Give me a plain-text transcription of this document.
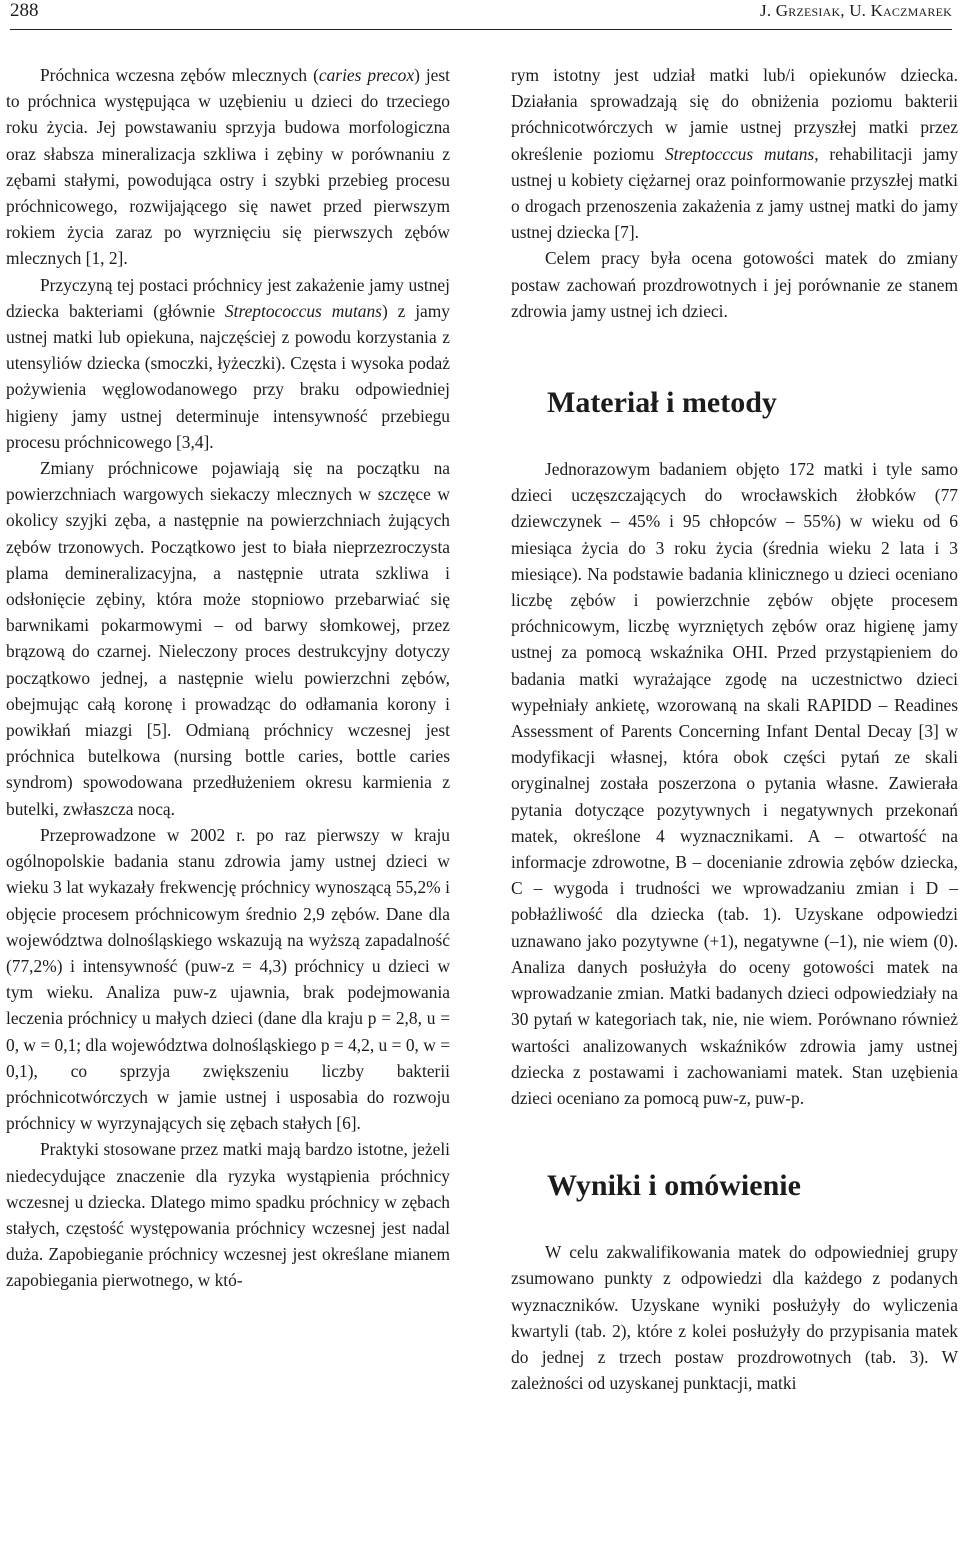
288	J. Grzesiak, U. Kaczmarek

Próchnica wczesna zębów mlecznych (caries precox) jest to próchnica występująca w uzębieniu u dzieci do trzeciego roku życia. Jej powstawaniu sprzyja budowa morfologiczna oraz słabsza mineralizacja szkliwa i zębiny w porównaniu z zębami stałymi, powodująca ostry i szybki przebieg procesu próchnicowego, rozwijającego się nawet przed pierwszym rokiem życia zaraz po wyrznięciu się pierwszych zębów mlecznych [1, 2].

Przyczyną tej postaci próchnicy jest zakażenie jamy ustnej dziecka bakteriami (głównie Streptococcus mutans) z jamy ustnej matki lub opiekuna, najczęściej z powodu korzystania z utensyliów dziecka (smoczki, łyżeczki). Częsta i wysoka podaż pożywienia węglowodanowego przy braku odpowiedniej higieny jamy ustnej determinuje intensywność przebiegu procesu próchnicowego [3,4].

Zmiany próchnicowe pojawiają się na początku na powierzchniach wargowych siekaczy mlecznych w szczęce w okolicy szyjki zęba, a następnie na powierzchniach żujących zębów trzonowych. Początkowo jest to biała nieprzezroczysta plama demineralizacyjna, a następnie utrata szkliwa i odsłonięcie zębiny, która może stopniowo przebarwiać się barwnikami pokarmowymi – od barwy słomkowej, przez brązową do czarnej. Nieleczony proces destrukcyjny dotyczy początkowo jednej, a następnie wielu powierzchni zębów, obejmując całą koronę i prowadząc do odłamania korony i powikłań miazgi [5]. Odmianą próchnicy wczesnej jest próchnica butelkowa (nursing bottle caries, bottle caries syndrom) spowodowana przedłużeniem okresu karmienia z butelki, zwłaszcza nocą.

Przeprowadzone w 2002 r. po raz pierwszy w kraju ogólnopolskie badania stanu zdrowia jamy ustnej dzieci w wieku 3 lat wykazały frekwencję próchnicy wynoszącą 55,2% i objęcie procesem próchnicowym średnio 2,9 zębów. Dane dla województwa dolnośląskiego wskazują na wyższą zapadalność (77,2%) i intensywność (puw-z = 4,3) próchnicy u dzieci w tym wieku. Analiza puw-z ujawnia, brak podejmowania leczenia próchnicy u małych dzieci (dane dla kraju p = 2,8, u = 0, w = 0,1; dla województwa dolnośląskiego p = 4,2, u = 0, w = 0,1), co sprzyja zwiększeniu liczby bakterii próchnicotwórczych w jamie ustnej i usposabia do rozwoju próchnicy w wyrzynających się zębach stałych [6].

Praktyki stosowane przez matki mają bardzo istotne, jeżeli niedecydujące znaczenie dla ryzyka wystąpienia próchnicy wczesnej u dziecka. Dlatego mimo spadku próchnicy w zębach stałych, częstość występowania próchnicy wczesnej jest nadal duża. Zapobieganie próchnicy wczesnej jest określane mianem zapobiegania pierwotnego, w któ-

rym istotny jest udział matki lub/i opiekunów dziecka. Działania sprowadzają się do obniżenia poziomu bakterii próchnicotwórczych w jamie ustnej przyszłej matki przez określenie poziomu Streptocccus mutans, rehabilitacji jamy ustnej u kobiety ciężarnej oraz poinformowanie przyszłej matki o drogach przenoszenia zakażenia z jamy ustnej matki do jamy ustnej dziecka [7].

Celem pracy była ocena gotowości matek do zmiany postaw zachowań prozdrowotnych i jej porównanie ze stanem zdrowia jamy ustnej ich dzieci.

Materiał i metody

Jednorazowym badaniem objęto 172 matki i tyle samo dzieci uczęszczających do wrocławskich żłobków (77 dziewczynek – 45% i 95 chłopców – 55%) w wieku od 6 miesiąca życia do 3 roku życia (średnia wieku 2 lata i 3 miesiące). Na podstawie badania klinicznego u dzieci oceniano liczbę zębów i powierzchnie zębów objęte procesem próchnicowym, liczbę wyrzniętych zębów oraz higienę jamy ustnej za pomocą wskaźnika OHI. Przed przystąpieniem do badania matki wyrażające zgodę na uczestnictwo dzieci wypełniały ankietę, wzorowaną na skali RAPIDD – Readines Assessment of Parents Concerning Infant Dental Decay [3] w modyfikacji własnej, która obok części pytań ze skali oryginalnej została poszerzona o pytania własne. Zawierała pytania dotyczące pozytywnych i negatywnych przekonań matek, określone 4 wyznacznikami. A – otwartość na informacje zdrowotne, B – docenianie zdrowia zębów dziecka, C – wygoda i trudności we wprowadzaniu zmian i D – pobłażliwość dla dziecka (tab. 1). Uzyskane odpowiedzi uznawano jako pozytywne (+1), negatywne (–1), nie wiem (0). Analiza danych posłużyła do oceny gotowości matek na wprowadzanie zmian. Matki badanych dzieci odpowiedziały na 30 pytań w kategoriach tak, nie, nie wiem. Porównano również wartości analizowanych wskaźników zdrowia jamy ustnej dziecka z postawami i zachowaniami matek. Stan uzębienia dzieci oceniano za pomocą puw-z, puw-p.

Wyniki i omówienie

W celu zakwalifikowania matek do odpowiedniej grupy zsumowano punkty z odpowiedzi dla każdego z podanych wyznaczników. Uzyskane wyniki posłużyły do wyliczenia kwartyli (tab. 2), które z kolei posłużyły do przypisania matek do jednej z trzech postaw prozdrowotnych (tab. 3). W zależności od uzyskanej punktacji, matki
